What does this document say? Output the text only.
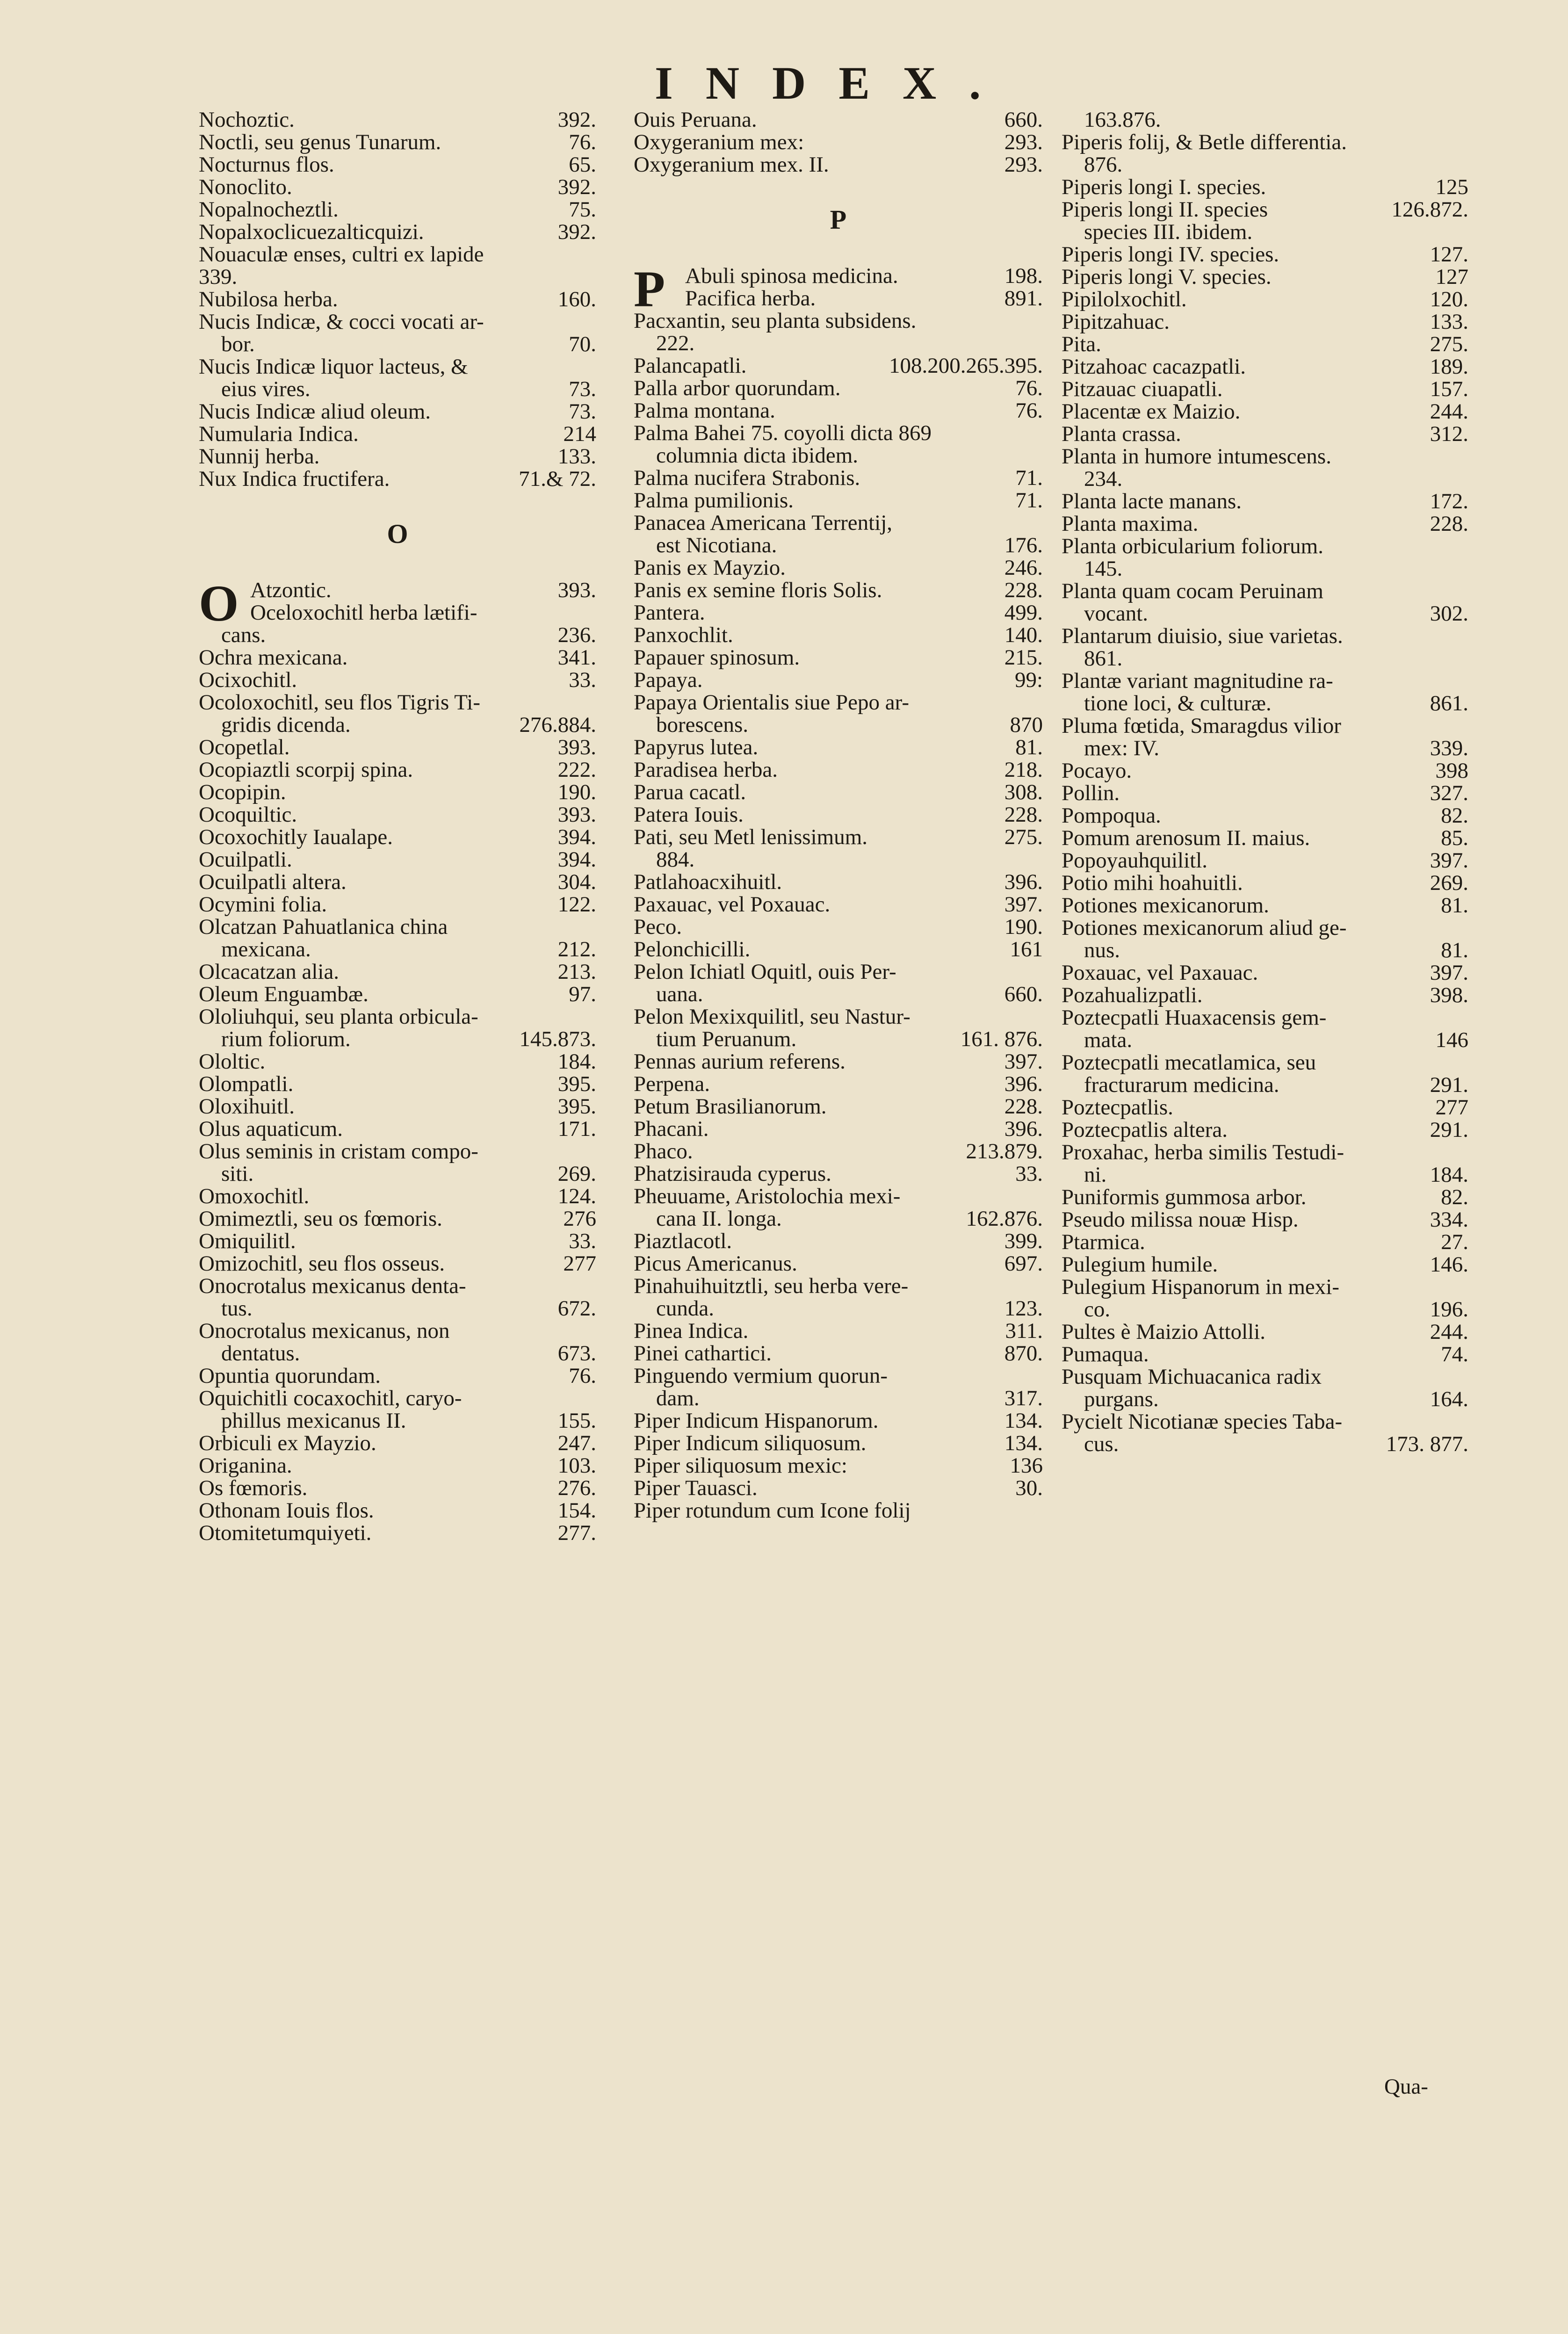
INDEX.
Nochoztic.	392.
Noctli, seu genus Tunarum.	76.
Nocturnus flos.	65.
Nonoclito.	392.
Nopalnocheztli.	75.
Nopalxoclicuezalticquizi.	392.
Nouaculæ enses, cultri ex lapide
339.
Nubilosa herba.	160.
Nucis Indicæ, & cocci vocati ar-
bor.	70.
Nucis Indicæ liquor lacteus, &
eius vires.	73.
Nucis Indicæ aliud oleum.	73.
Numularia Indica.	214
Nunnij herba.	133.
Nux Indica fructifera.	71.& 72.
O
O Atzontic.	393.
Oceloxochitl herba lætifi-
cans.	236.
Ochra mexicana.	341.
Ocixochitl.	33.
Ocoloxochitl, seu flos Tigris Ti-
gridis dicenda.	276.884.
Ocopetlal.	393.
Ocopiaztli scorpij spina.	222.
Ocopipin.	190.
Ocoquiltic.	393.
Ocoxochitly Iaualape.	394.
Ocuilpatli.	394.
Ocuilpatli altera.	304.
Ocymini folia.	122.
Olcatzan Pahuatlanica china
mexicana.	212.
Olcacatzan alia.	213.
Oleum Enguambæ.	97.
Ololiuhqui, seu planta orbicula-
rium foliorum.	145.873.
Ololtic.	184.
Olompatli.	395.
Oloxihuitl.	395.
Olus aquaticum.	171.
Olus seminis in cristam compo-
siti.	269.
Omoxochitl.	124.
Omimeztli, seu os fœmoris.	276
Omiquilitl.	33.
Omizochitl, seu flos osseus.	277
Onocrotalus mexicanus denta-
tus.	672.
Onocrotalus mexicanus, non
dentatus.	673.
Opuntia quorundam.	76.
Oquichitli cocaxochitl, caryo-
phillus mexicanus II.	155.
Orbiculi ex Mayzio.	247.
Origanina.	103.
Os fœmoris.	276.
Othonam Iouis flos.	154.
Otomitetumquiyeti.	277.
Ouis Peruana.	660.
Oxygeranium mex:	293.
Oxygeranium mex. II.	293.
P
P Abuli spinosa medicina.	198.
Pacifica herba.	891.
Pacxantin, seu planta subsidens.
222.
Palancapatli.	108.200.265.395.
Palla arbor quorundam.	76.
Palma montana.	76.
Palma Bahei 75. coyolli dicta 869
columnia dicta ibidem.
Palma nucifera Strabonis.	71.
Palma pumilionis.	71.
Panacea Americana Terrentij,
est Nicotiana.	176.
Panis ex Mayzio.	246.
Panis ex semine floris Solis.	228.
Pantera.	499.
Panxochlit.	140.
Papauer spinosum.	215.
Papaya.	99:
Papaya Orientalis siue Pepo ar-
borescens.	870
Papyrus lutea.	81.
Paradisea herba.	218.
Parua cacatl.	308.
Patera Iouis.	228.
Pati, seu Metl lenissimum.	275.
884.
Patlahoacxihuitl.	396.
Paxauac, vel Poxauac.	397.
Peco.	190.
Pelonchicilli.	161
Pelon Ichiatl Oquitl, ouis Per-
uana.	660.
Pelon Mexixquilitl, seu Nastur-
tium Peruanum.	161. 876.
Pennas aurium referens.	397.
Perpena.	396.
Petum Brasilianorum.	228.
Phacani.	396.
Phaco.	213.879.
Phatzisirauda cyperus.	33.
Pheuuame, Aristolochia mexi-
cana II. longa.	162.876.
Piaztlacotl.	399.
Picus Americanus.	697.
Pinahuihuitztli, seu herba vere-
cunda.	123.
Pinea Indica.	311.
Pinei cathartici.	870.
Pinguendo vermium quorun-
dam.	317.
Piper Indicum Hispanorum.	134.
Piper Indicum siliquosum.	134.
Piper siliquosum mexic:	136
Piper Tauasci.	30.
Piper rotundum cum Icone folij
163.876.
Piperis folij, & Betle differentia.
876.
Piperis longi I. species.	125
Piperis longi II. species	126.872.
species III. ibidem.
Piperis longi IV. species.	127.
Piperis longi V. species.	127
Pipilolxochitl.	120.
Pipitzahuac.	133.
Pita.	275.
Pitzahoac cacazpatli.	189.
Pitzauac ciuapatli.	157.
Placentæ ex Maizio.	244.
Planta crassa.	312.
Planta in humore intumescens.
234.
Planta lacte manans.	172.
Planta maxima.	228.
Planta orbicularium foliorum.
145.
Planta quam cocam Peruinam
vocant.	302.
Plantarum diuisio, siue varietas.
861.
Plantæ variant magnitudine ra-
tione loci, & culturæ.	861.
Pluma fœtida, Smaragdus vilior
mex: IV.	339.
Pocayo.	398
Pollin.	327.
Pompoqua.	82.
Pomum arenosum II. maius.	85.
Popoyauhquilitl.	397.
Potio mihi hoahuitli.	269.
Potiones mexicanorum.	81.
Potiones mexicanorum aliud ge-
nus.	81.
Poxauac, vel Paxauac.	397.
Pozahualizpatli.	398.
Poztecpatli Huaxacensis gem-
mata.	146
Poztecpatli mecatlamica, seu
fracturarum medicina.	291.
Poztecpatlis.	277
Poztecpatlis altera.	291.
Proxahac, herba similis Testudi-
ni.	184.
Puniformis gummosa arbor.	82.
Pseudo milissa nouæ Hisp.	334.
Ptarmica.	27.
Pulegium humile.	146.
Pulegium Hispanorum in mexi-
co.	196.
Pultes è Maizio Attolli.	244.
Pumaqua.	74.
Pusquam Michuacanica radix
purgans.	164.
Pycielt Nicotianæ species Taba-
cus.	173. 877.
Qua-
